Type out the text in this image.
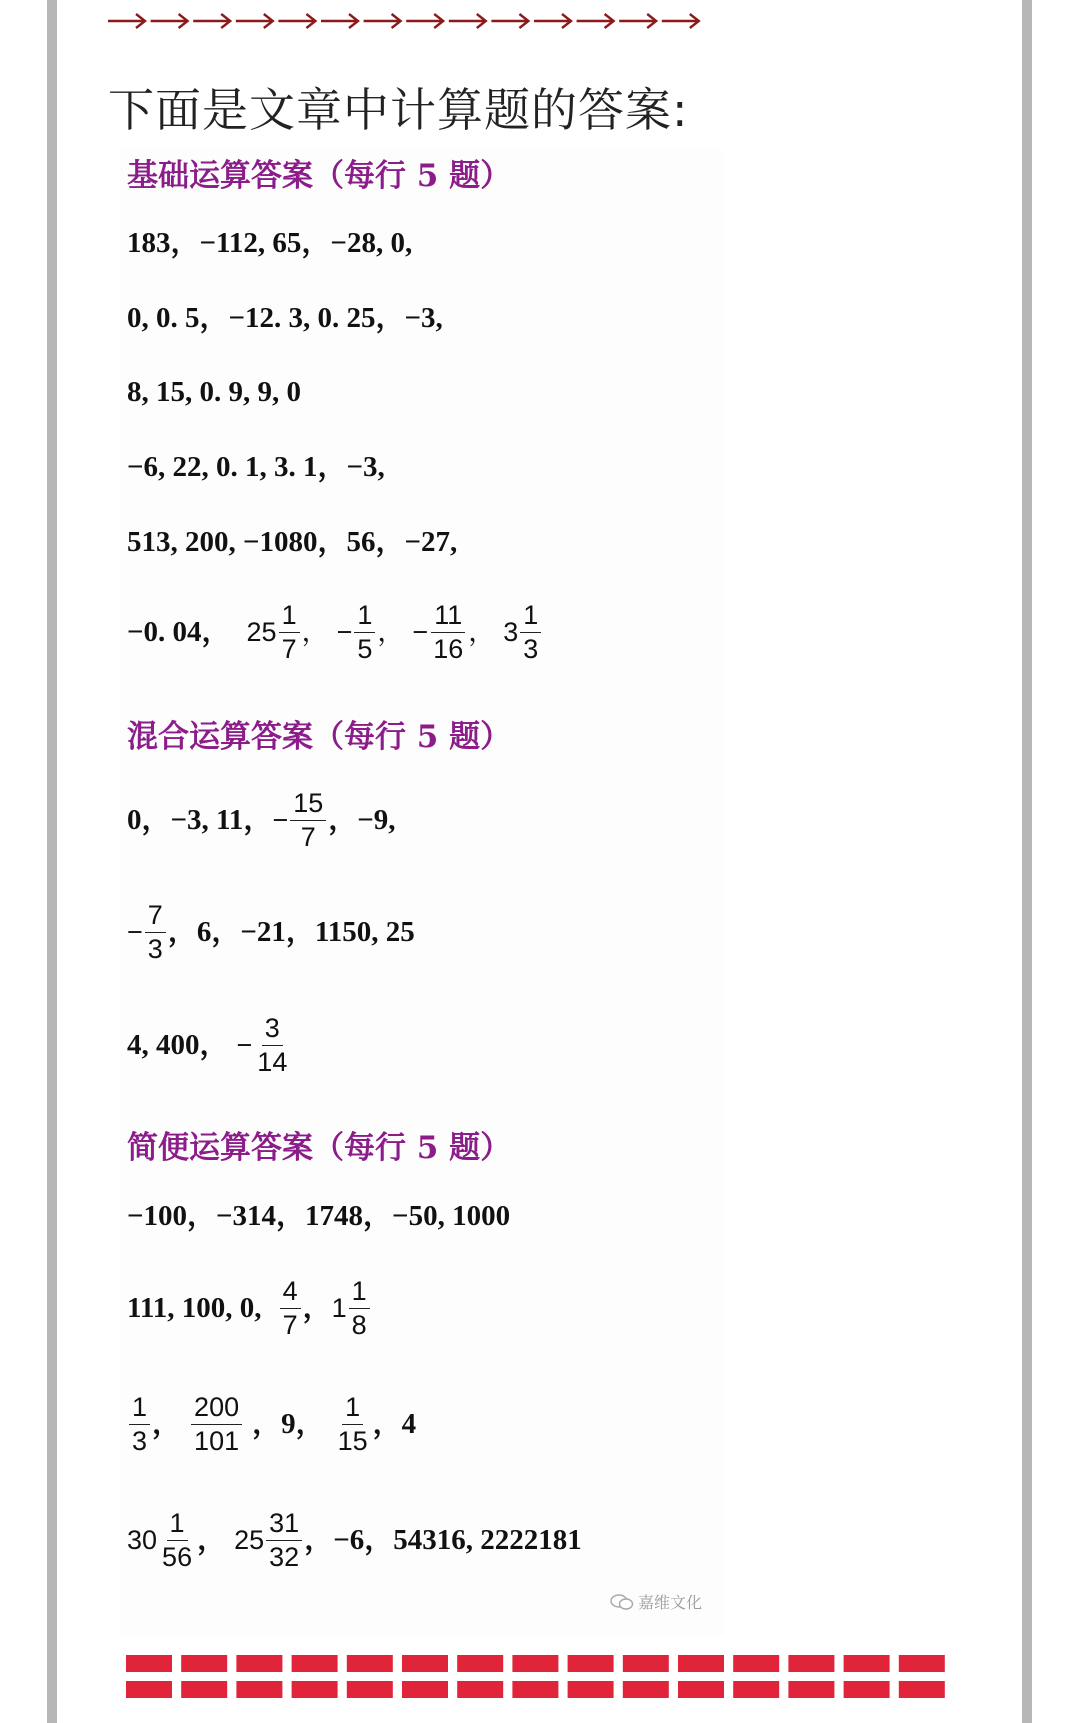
下面是文章中计算题的答案:
基础运算答案（每行 5 题）
183，−112, 65，−28, 0,
0, 0. 5，−12. 3, 0. 25，−3,
8, 15, 0. 9, 9, 0
−6, 22, 0. 1, 3. 1，−3,
513, 200, −1080，56，−27,
−0. 04， 25
1
7
， − $\frac{1}{5}$ ， − $\frac{11}{16}$ ， 3
1
3
混合运算答案（每行 5 题）
0，−3, 11， − $\frac{15}{7}$ ，−9,
− $\frac{7}{3}$ ，6，−21，1150, 25
4, 400， − $\frac{3}{14}$
简便运算答案（每行 5 题）
−100，−314，1748，−50, 1000
111, 100, 0,
4
7
， 1
1
8
1
3
，
200
101
，9，
1
15
，4
30
1
56
， 25
31
32
，−6，54316, 2222181
嘉维文化
